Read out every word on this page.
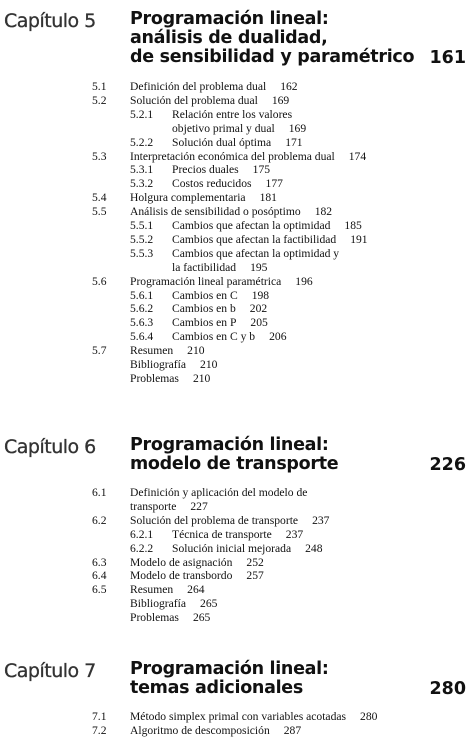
Capítulo 5 Programación lineal:
análisis de dualidad,
de sensibilidad y paramétrico 161
5.1	Definición del problema dual 162
5.2	Solución del problema dual 169
5.2.1	Relación entre los valores
objetivo primal y dual 169
5.2.2	Solución dual óptima 171
5.3	Interpretación económica del problema dual 174
5.3.1	Precios duales 175
5.3.2	Costos reducidos 177
5.4	Holgura complementaria 181
5.5	Análisis de sensibilidad o posóptimo 182
5.5.1	Cambios que afectan la optimidad 185
5.5.2	Cambios que afectan la factibilidad 191
5.5.3	Cambios que afectan la optimidad y
la factibilidad 195
5.6	Programación lineal paramétrica 196
5.6.1	Cambios en C 198
5.6.2	Cambios en b 202
5.6.3	Cambios en P 205
5.6.4	Cambios en C y b 206
5.7	Resumen 210
Bibliografía 210
Problemas 210
Capítulo 6 Programación lineal:
modelo de transporte	226
6.1	Definición y aplicación del modelo de
transporte 227
6.2	Solución del problema de transporte 237
6.2.1	Técnica de transporte 237
6.2.2	Solución inicial mejorada 248
6.3	Modelo de asignación 252
6.4	Modelo de transbordo 257
6.5	Resumen 264
Bibliografía 265
Problemas 265
Capítulo 7 Programación lineal:
temas adicionales	280
7.1	Método simplex primal con variables acotadas 280
7.2	Algoritmo de descomposición 287
